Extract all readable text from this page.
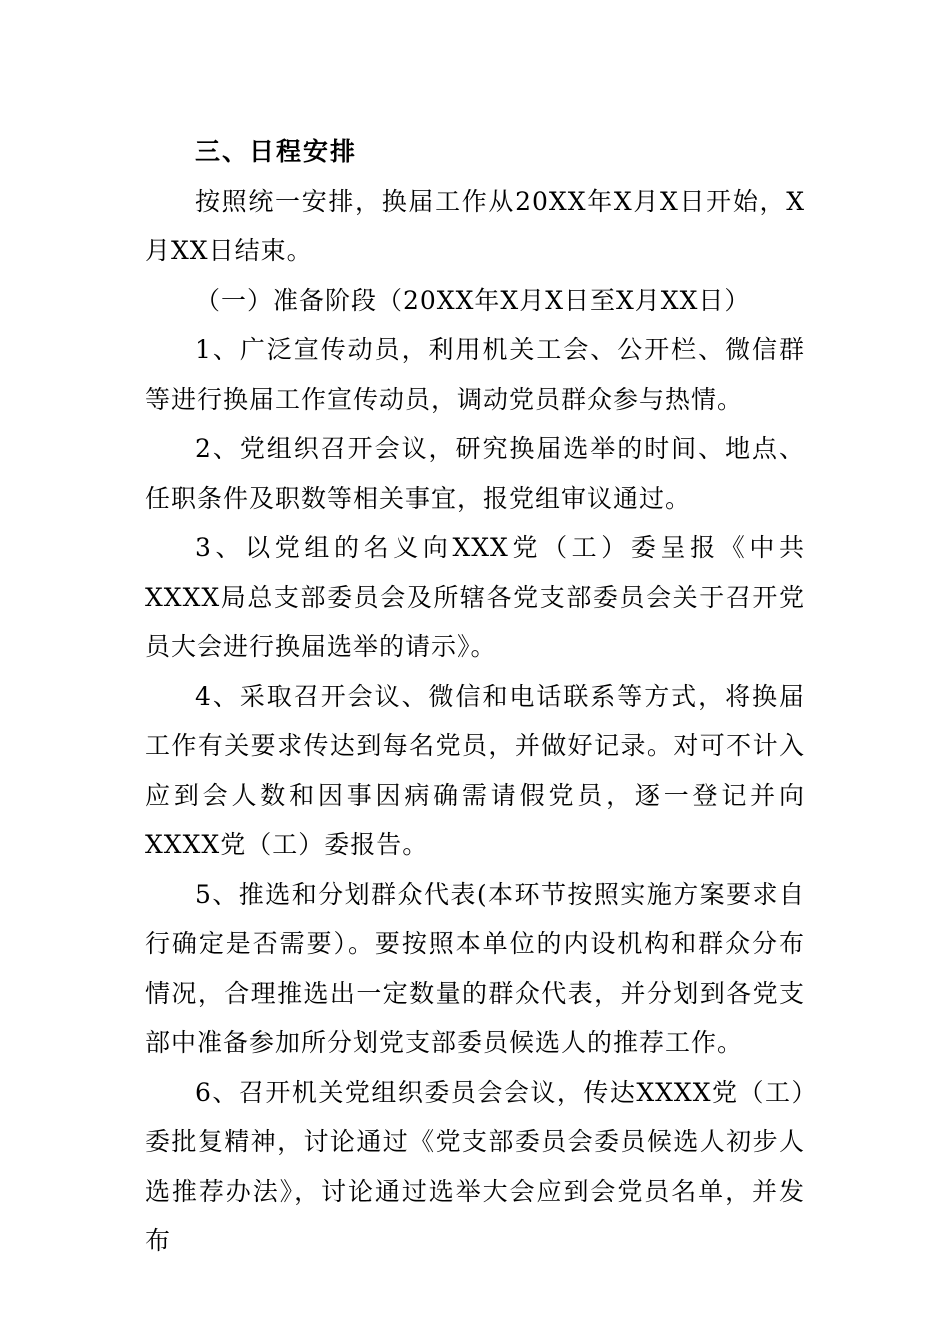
三、日程安排

按照统一安排，换届工作从20XX年X月X日开始，X月XX日结束。

（一）准备阶段（20XX年X月X日至X月XX日）

1、广泛宣传动员，利用机关工会、公开栏、微信群等进行换届工作宣传动员，调动党员群众参与热情。

2、党组织召开会议，研究换届选举的时间、地点、任职条件及职数等相关事宜，报党组审议通过。

3、以党组的名义向XXX党（工）委呈报《中共XXXX局总支部委员会及所辖各党支部委员会关于召开党员大会进行换届选举的请示》。

4、采取召开会议、微信和电话联系等方式，将换届工作有关要求传达到每名党员，并做好记录。对可不计入应到会人数和因事因病确需请假党员，逐一登记并向XXXX党（工）委报告。

5、推选和分划群众代表(本环节按照实施方案要求自行确定是否需要）。要按照本单位的内设机构和群众分布情况，合理推选出一定数量的群众代表，并分划到各党支部中准备参加所分划党支部委员候选人的推荐工作。

6、召开机关党组织委员会会议，传达XXXX党（工）委批复精神，讨论通过《党支部委员会委员候选人初步人选推荐办法》，讨论通过选举大会应到会党员名单，并发布
